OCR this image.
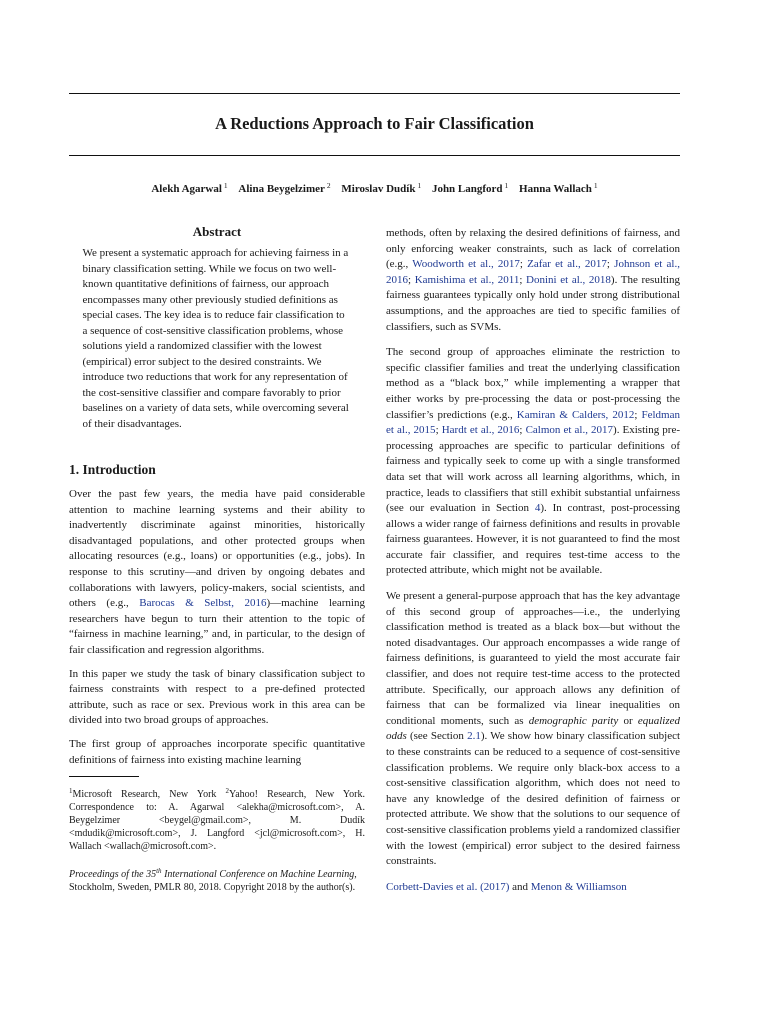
A Reductions Approach to Fair Classification
Alekh Agarwal $^1$ Alina Beygelzimer $^2$ Miroslav Dudík $^1$ John Langford $^1$ Hanna Wallach $^1$
Abstract

We present a systematic approach for achieving fairness in a binary classification setting. While we focus on two well-known quantitative definitions of fairness, our approach encompasses many other previously studied definitions as special cases. The key idea is to reduce fair classification to a sequence of cost-sensitive classification problems, whose solutions yield a randomized classifier with the lowest (empirical) error subject to the desired constraints. We introduce two reductions that work for any representation of the cost-sensitive classifier and compare favorably to prior baselines on a variety of data sets, while overcoming several of their disadvantages.

1. Introduction

Over the past few years, the media have paid considerable attention to machine learning systems and their ability to inadvertently discriminate against minorities, historically disadvantaged populations, and other protected groups when allocating resources (e.g., loans) or opportunities (e.g., jobs). In response to this scrutiny—and driven by ongoing debates and collaborations with lawyers, policy-makers, social scientists, and others (e.g., Barocas & Selbst, 2016)—machine learning researchers have begun to turn their attention to the topic of “fairness in machine learning,” and, in particular, to the design of fair classification and regression algorithms.

In this paper we study the task of binary classification subject to fairness constraints with respect to a pre-defined protected attribute, such as race or sex. Previous work in this area can be divided into two broad groups of approaches.

The first group of approaches incorporate specific quantitative definitions of fairness into existing machine learning

$^1$Microsoft Research, New York $^2$Yahoo! Research, New York. Correspondence to: A. Agarwal <alekha@microsoft.com>, A. Beygelzimer <beygel@gmail.com>, M. Dudík <mdudik@microsoft.com>, J. Langford <jcl@microsoft.com>, H. Wallach <wallach@microsoft.com>.

Proceedings of the 35th International Conference on Machine Learning, Stockholm, Sweden, PMLR 80, 2018. Copyright 2018 by the author(s).

methods, often by relaxing the desired definitions of fairness, and only enforcing weaker constraints, such as lack of correlation (e.g., Woodworth et al., 2017; Zafar et al., 2017; Johnson et al., 2016; Kamishima et al., 2011; Donini et al., 2018). The resulting fairness guarantees typically only hold under strong distributional assumptions, and the approaches are tied to specific families of classifiers, such as SVMs.

The second group of approaches eliminate the restriction to specific classifier families and treat the underlying classification method as a “black box,” while implementing a wrapper that either works by pre-processing the data or post-processing the classifier’s predictions (e.g., Kamiran & Calders, 2012; Feldman et al., 2015; Hardt et al., 2016; Calmon et al., 2017). Existing pre-processing approaches are specific to particular definitions of fairness and typically seek to come up with a single transformed data set that will work across all learning algorithms, which, in practice, leads to classifiers that still exhibit substantial unfairness (see our evaluation in Section 4). In contrast, post-processing allows a wider range of fairness definitions and results in provable fairness guarantees. However, it is not guaranteed to find the most accurate fair classifier, and requires test-time access to the protected attribute, which might not be available.

We present a general-purpose approach that has the key advantage of this second group of approaches—i.e., the underlying classification method is treated as a black box—but without the noted disadvantages. Our approach encompasses a wide range of fairness definitions, is guaranteed to yield the most accurate fair classifier, and does not require test-time access to the protected attribute. Specifically, our approach allows any definition of fairness that can be formalized via linear inequalities on conditional moments, such as demographic parity or equalized odds (see Section 2.1). We show how binary classification subject to these constraints can be reduced to a sequence of cost-sensitive classification problems. We require only black-box access to a cost-sensitive classification algorithm, which does not need to have any knowledge of the desired definition of fairness or protected attribute. We show that the solutions to our sequence of cost-sensitive classification problems yield a randomized classifier with the lowest (empirical) error subject to the desired fairness constraints.

Corbett-Davies et al. (2017) and Menon & Williamson
